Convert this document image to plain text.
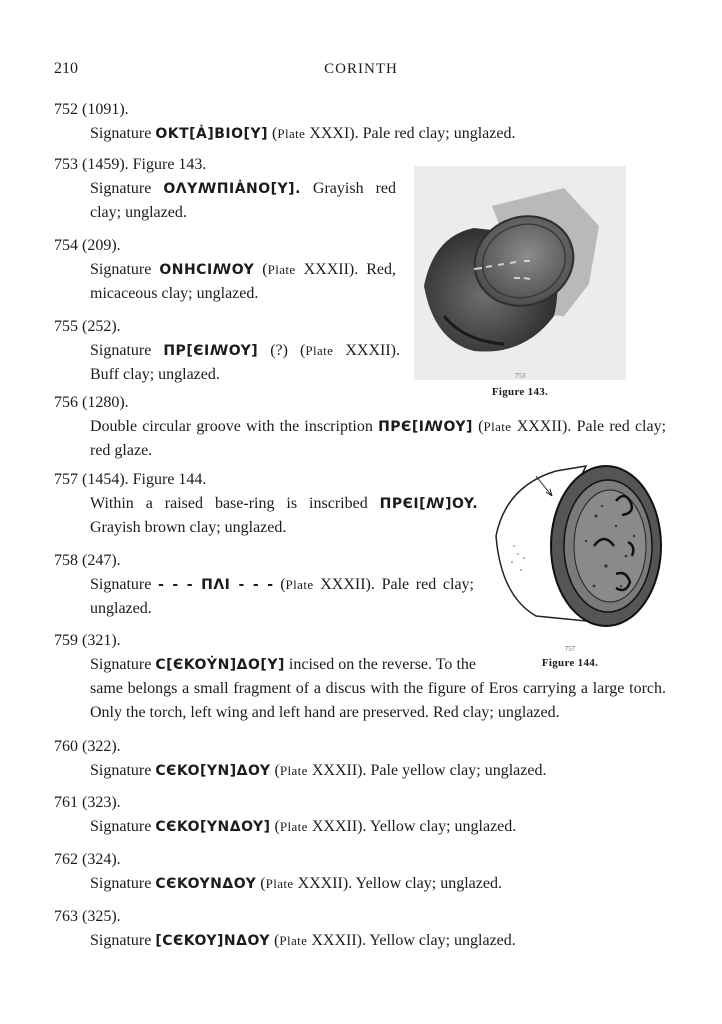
210	CORINTH
752 (1091).
Signature OKT[Ȧ]BIO[Y] (Plate XXXI). Pale red clay; unglazed.
753 (1459). Figure 143.
Signature OΛYꟿΠIȦNO[Y]. Grayish red clay; unglazed.
754 (209).
Signature ONHCIꟿOY (Plate XXXII). Red, micaceous clay; unglazed.
755 (252).
Signature ΠP[ЄIꟿOY] (?) (Plate XXXII). Buff clay; unglazed.
756 (1280).
Double circular groove with the inscription ΠPЄ[IꟿOY] (Plate XXXII). Pale red clay; red glaze.
757 (1454). Figure 144.
Within a raised base-ring is inscribed ΠPЄI[ꟿ]OY. Grayish brown clay; unglazed.
758 (247).
Signature - - - ΠΛI - - - (Plate XXXII). Pale red clay; unglazed.
759 (321).
Signature C[ЄKOẎN]ΔO[Y] incised on the reverse. To the same belongs a small fragment of a discus with the figure of Eros carrying a large torch. Only the torch, left wing and left hand are preserved. Red clay; unglazed.
760 (322).
Signature CЄKO[YN]ΔOY (Plate XXXII). Pale yellow clay; unglazed.
761 (323).
Signature CЄKO[YNΔOY] (Plate XXXII). Yellow clay; unglazed.
762 (324).
Signature CЄKOYNΔOY (Plate XXXII). Yellow clay; unglazed.
763 (325).
Signature [CЄKOY]NΔOY (Plate XXXII). Yellow clay; unglazed.
753
Figure 143.
757
Figure 144.
